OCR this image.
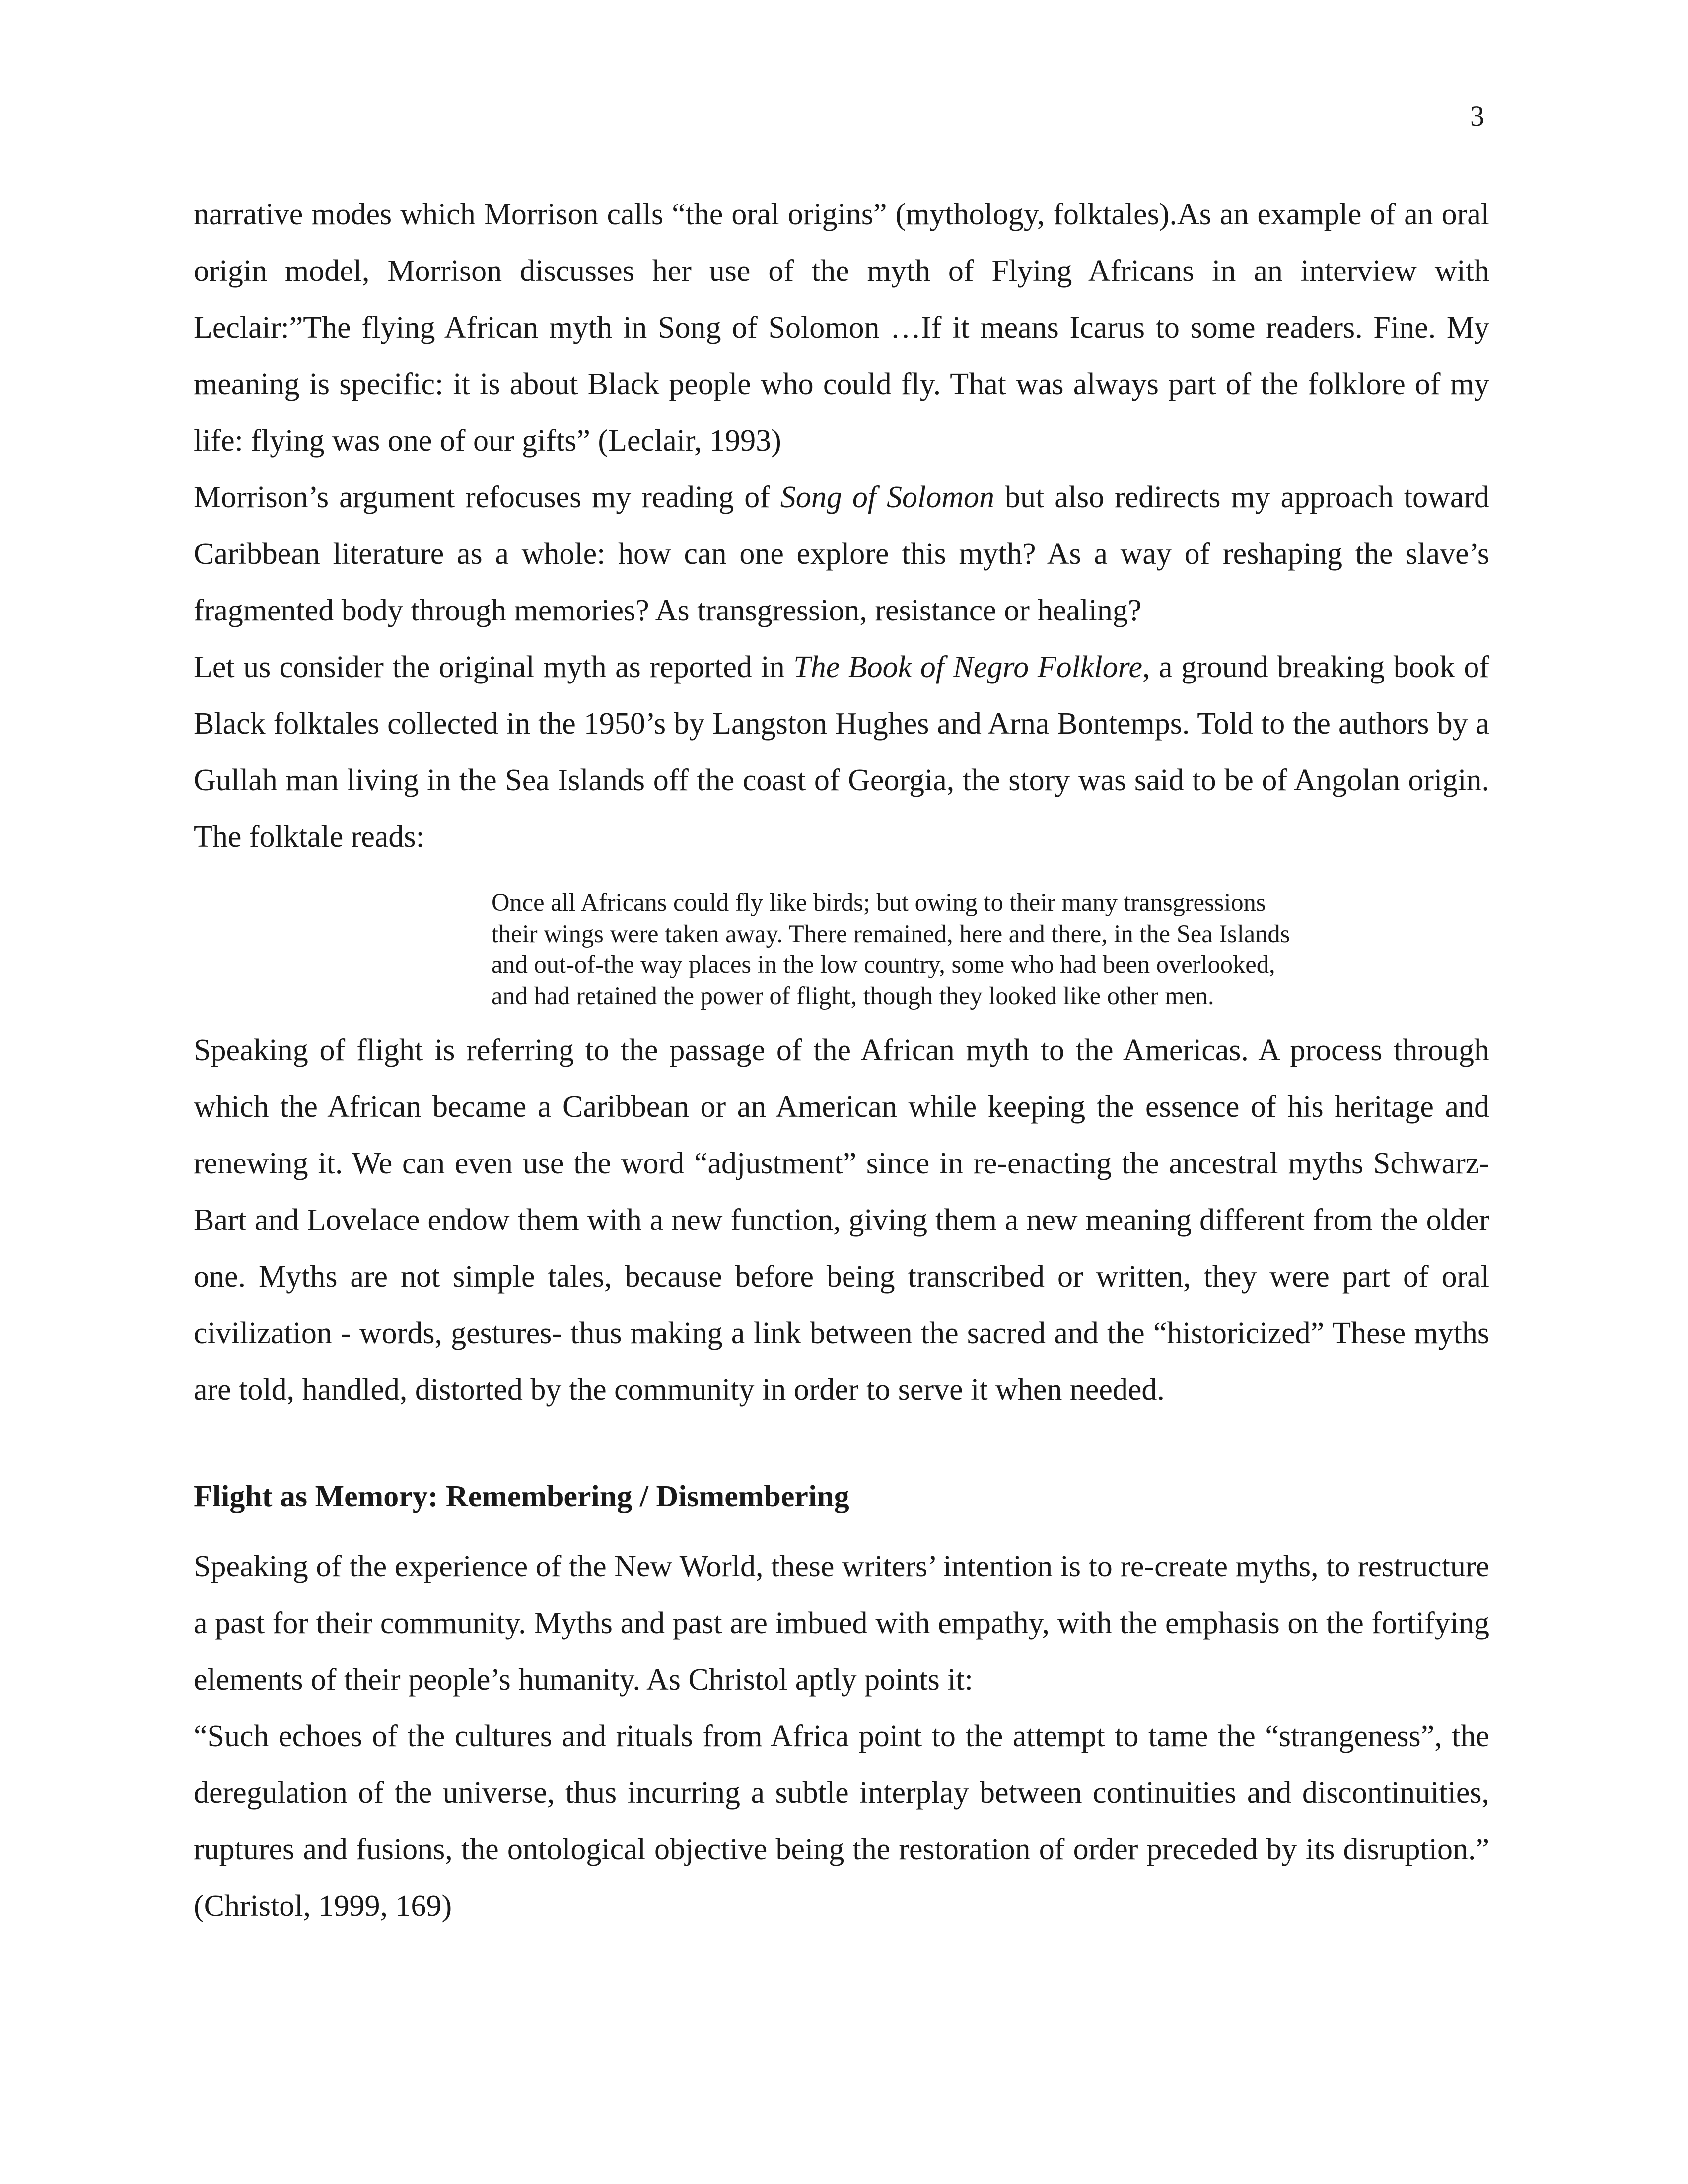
3

narrative modes which Morrison calls “the oral origins” (mythology, folktales).As an example of an oral origin model, Morrison discusses her use of the myth of Flying Africans in an interview with Leclair:”The flying African myth in Song of Solomon …If it means Icarus to some readers. Fine. My meaning is specific: it is about Black people who could fly. That was always part of the folklore of my life: flying was one of our gifts” (Leclair, 1993)

Morrison’s argument refocuses my reading of Song of Solomon but also redirects my approach toward Caribbean literature as a whole: how can one explore this myth? As a way of reshaping the slave’s fragmented body through memories? As transgression, resistance or healing?

Let us consider the original myth as reported in The Book of Negro Folklore, a ground breaking book of Black folktales collected in the 1950’s by Langston Hughes and Arna Bontemps. Told to the authors by a Gullah man living in the Sea Islands off the coast of Georgia, the story was said to be of Angolan origin. The folktale reads:

Once all Africans could fly like birds; but owing to their many transgressions
their wings were taken away. There remained, here and there, in the Sea Islands
and out-of-the way places in the low country, some who had been overlooked,
and had retained the power of flight, though they looked like other men.

Speaking of flight is referring to the passage of the African myth to the Americas. A process through which the African became a Caribbean or an American while keeping the essence of his heritage and renewing it. We can even use the word “adjustment” since in re-enacting the ancestral myths Schwarz-Bart and Lovelace endow them with a new function, giving them a new meaning different from the older one. Myths are not simple tales, because before being transcribed or written, they were part of oral civilization - words, gestures- thus making a link between the sacred and the “historicized” These myths are told, handled, distorted by the community in order to serve it when needed.

Flight as Memory: Remembering / Dismembering

Speaking of the experience of the New World, these writers’ intention is to re-create myths, to restructure a past for their community. Myths and past are imbued with empathy, with the emphasis on the fortifying elements of their people’s humanity. As Christol aptly points it:

“Such echoes of the cultures and rituals from Africa point to the attempt to tame the “strangeness”, the deregulation of the universe, thus incurring a subtle interplay between continuities and discontinuities, ruptures and fusions, the ontological objective being the restoration of order preceded by its disruption.” (Christol, 1999, 169)
